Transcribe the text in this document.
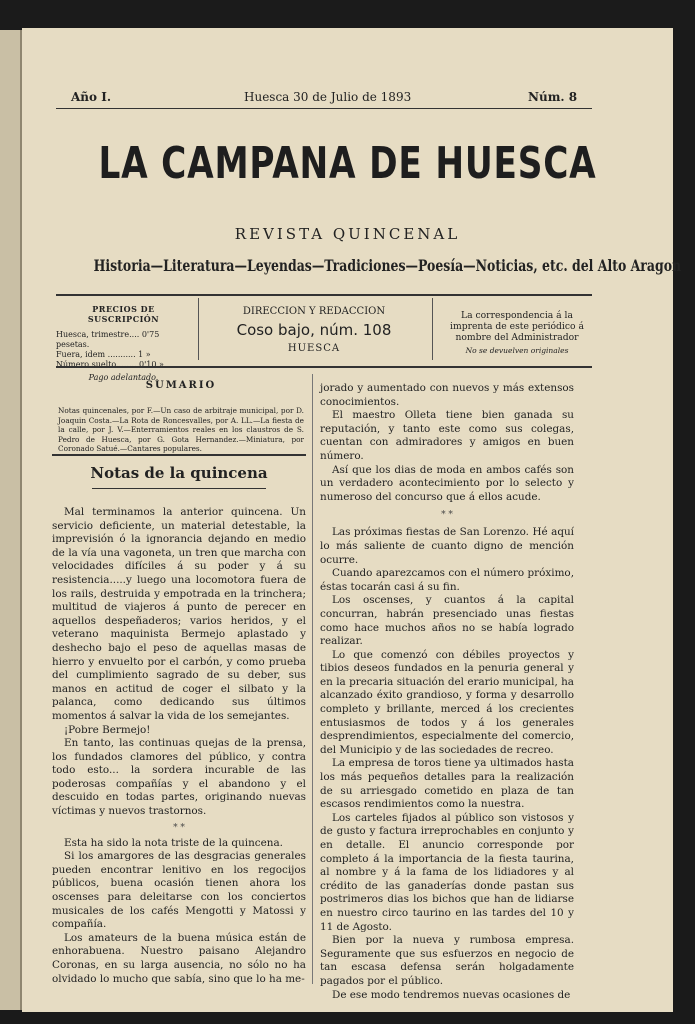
Año I.	Huesca 30 de Julio de 1893	Núm. 8
LA CAMPANA DE HUESCA
REVISTA QUINCENAL
Historia—Literatura—Leyendas—Tradiciones—Poesía—Noticias, etc. del Alto Aragon
PRECIOS DE SUSCRIPCIÓN
Huesca, trimestre.... 0'75 pesetas.
Fuera, idem ........... 1 »
Número suelto........ 0'10 »
Pago adelantado.
DIRECCION Y REDACCION
Coso bajo, núm. 108
HUESCA
La correspondencia á la imprenta de este periódico á nombre del Administrador
No se devuelven originales
SUMARIO
Notas quincenales, por F.—Un caso de arbitraje municipal, por D. Joaquin Costa.—La Rota de Roncesvalles, por A. LL.—La fiesta de la calle, por J. V.—Enterramientos reales en los claustros de S. Pedro de Huesca, por G. Gota Hernandez.—Miniatura, por Coronado Satué.—Cantares populares.
Notas de la quincena

Mal terminamos la anterior quincena. Un servicio deficiente, un material detestable, la imprevisión ó la ignorancia dejando en medio de la vía una vagoneta, un tren que marcha con velocidades difíciles á su poder y á su resistencia.....y luego una locomotora fuera de los rails, destruida y empotrada en la trinchera; multitud de viajeros á punto de perecer en aquellos despeñaderos; varios heridos, y el veterano maquinista Bermejo aplastado y deshecho bajo el peso de aquellas masas de hierro y envuelto por el carbón, y como prueba del cumplimiento sagrado de su deber, sus manos en actitud de coger el silbato y la palanca, como dedicando sus últimos momentos á salvar la vida de los semejantes.

¡Pobre Bermejo!

En tanto, las continuas quejas de la prensa, los fundados clamores del público, y contra todo esto... la sordera incurable de las poderosas compañías y el abandono y el descuido en todas partes, originando nuevas víctimas y nuevos trastornos.

* *

Esta ha sido la nota triste de la quincena.

Si los amargores de las desgracias generales pueden encontrar lenitivo en los regocijos públicos, buena ocasión tienen ahora los oscenses para deleitarse con los conciertos musicales de los cafés Mengotti y Matossi y compañía.

Los amateurs de la buena música están de enhorabuena. Nuestro paisano Alejandro Coronas, en su larga ausencia, no sólo no ha olvidado lo mucho que sabía, sino que lo ha me-

jorado y aumentado con nuevos y más extensos conocimientos.

El maestro Olleta tiene bien ganada su reputación, y tanto este como sus colegas, cuentan con admiradores y amigos en buen número.

Así que los dias de moda en ambos cafés son un verdadero acontecimiento por lo selecto y numeroso del concurso que á ellos acude.

* *

Las próximas fiestas de San Lorenzo. Hé aquí lo más saliente de cuanto digno de mención ocurre.

Cuando aparezcamos con el número próximo, éstas tocarán casi á su fin.

Los oscenses, y cuantos á la capital concurran, habrán presenciado unas fiestas como hace muchos años no se había logrado realizar.

Lo que comenzó con débiles proyectos y tibios deseos fundados en la penuria general y en la precaria situación del erario municipal, ha alcanzado éxito grandioso, y forma y desarrollo completo y brillante, merced á los crecientes entusiasmos de todos y á los generales desprendimientos, especialmente del comercio, del Municipio y de las sociedades de recreo.

La empresa de toros tiene ya ultimados hasta los más pequeños detalles para la realización de su arriesgado cometido en plaza de tan escasos rendimientos como la nuestra.

Los carteles fijados al público son vistosos y de gusto y factura irreprochables en conjunto y en detalle. El anuncio corresponde por completo á la importancia de la fiesta taurina, al nombre y á la fama de los lidiadores y al crédito de las ganaderías donde pastan sus postrimeros dias los bichos que han de lidiarse en nuestro circo taurino en las tardes del 10 y 11 de Agosto.

Bien por la nueva y rumbosa empresa. Seguramente que sus esfuerzos en negocio de tan escasa defensa serán holgadamente pagados por el público.

De ese modo tendremos nuevas ocasiones de
